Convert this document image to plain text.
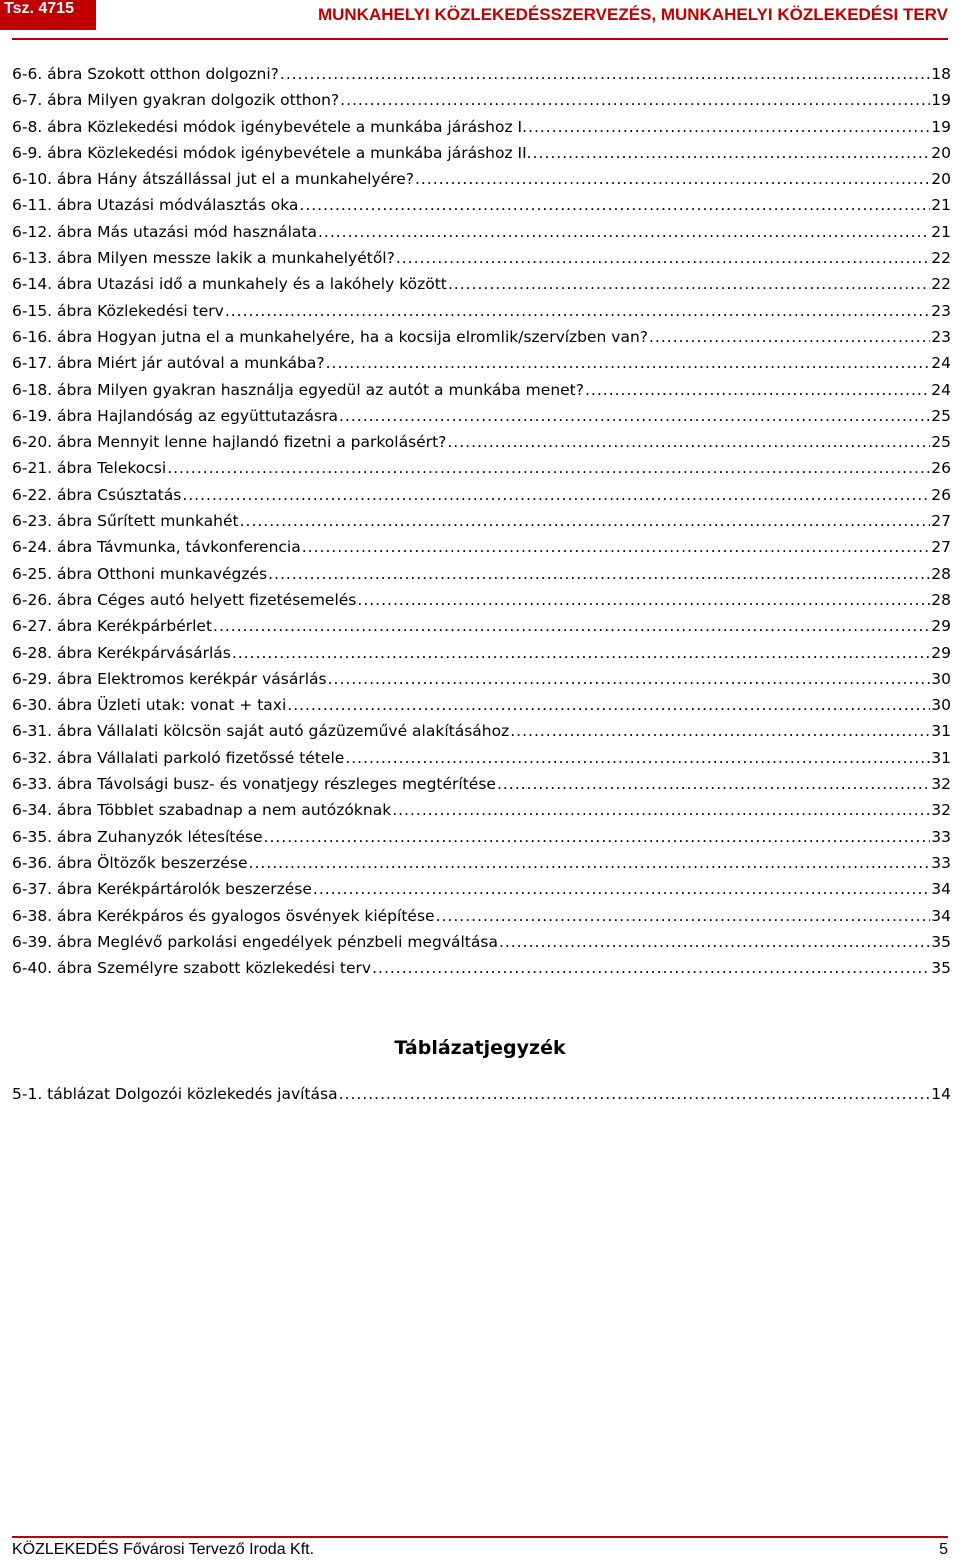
Tsz. 4715	MUNKAHELYI KÖZLEKEDÉSSZERVEZÉS, MUNKAHELYI KÖZLEKEDÉSI TERV
6-6. ábra Szokott otthon dolgozni? .....	18
6-7. ábra Milyen gyakran dolgozik otthon? .....	19
6-8. ábra Közlekedési módok igénybevétele a munkába járáshoz I. .....	19
6-9. ábra Közlekedési módok igénybevétele a munkába járáshoz II. .....	20
6-10. ábra Hány átszállással jut el a munkahelyére? .....	20
6-11. ábra Utazási módválasztás oka .....	21
6-12. ábra Más utazási mód használata .....	21
6-13. ábra Milyen messze lakik a munkahelyétől? .....	22
6-14. ábra Utazási idő a munkahely és a lakóhely között .....	22
6-15. ábra Közlekedési terv .....	23
6-16. ábra Hogyan jutna el a munkahelyére, ha a kocsija elromlik/szervízben van? .....	23
6-17. ábra Miért jár autóval a munkába? .....	24
6-18. ábra Milyen gyakran használja egyedül az autót a munkába menet? .....	24
6-19. ábra Hajlandóság az együttutazásra .....	25
6-20. ábra Mennyit lenne hajlandó fizetni a parkolásért? .....	25
6-21. ábra Telekocsi .....	26
6-22. ábra Csúsztatás .....	26
6-23. ábra Sűrített munkahét .....	27
6-24. ábra Távmunka, távkonferencia .....	27
6-25. ábra Otthoni munkavégzés .....	28
6-26. ábra Céges autó helyett fizetésemelés .....	28
6-27. ábra Kerékpárbérlet .....	29
6-28. ábra Kerékpárvásárlás .....	29
6-29. ábra Elektromos kerékpár vásárlás .....	30
6-30. ábra Üzleti utak: vonat + taxi .....	30
6-31. ábra Vállalati kölcsön saját autó gázüzeművé alakításához .....	31
6-32. ábra Vállalati parkoló fizetőssé tétele .....	31
6-33. ábra Távolsági busz- és vonatjegy részleges megtérítése .....	32
6-34. ábra Többlet szabadnap a nem autózóknak .....	32
6-35. ábra Zuhanyzók létesítése .....	33
6-36. ábra Öltözők beszerzése .....	33
6-37. ábra Kerékpártárolók beszerzése .....	34
6-38. ábra Kerékpáros és gyalogos ösvények kiépítése .....	34
6-39. ábra Meglévő parkolási engedélyek pénzbeli megváltása .....	35
6-40. ábra Személyre szabott közlekedési terv .....	35
Táblázatjegyzék
5-1. táblázat Dolgozói közlekedés javítása .....	14
KÖZLEKEDÉS Fővárosi Tervező Iroda Kft.	5
